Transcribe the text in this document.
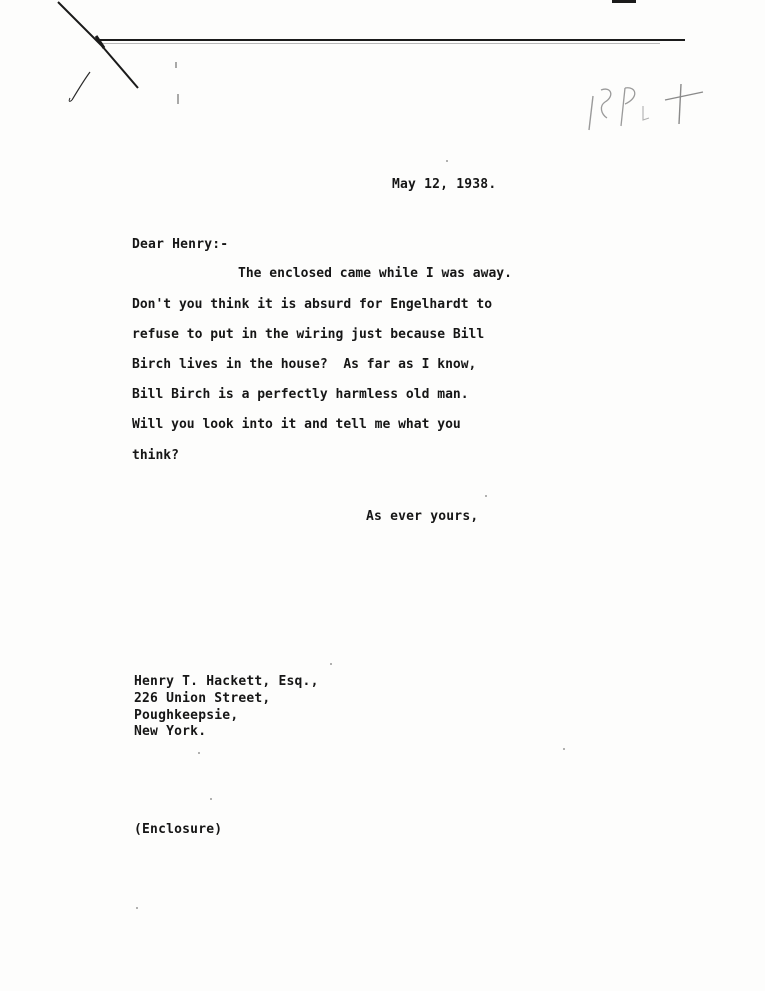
May 12, 1938.
Dear Henry:-
The enclosed came while I was away.
Don't you think it is absurd for Engelhardt to
refuse to put in the wiring just because Bill
Birch lives in the house?  As far as I know,
Bill Birch is a perfectly harmless old man.
Will you look into it and tell me what you
think?
As ever yours,
Henry T. Hackett, Esq.,
226 Union Street,
Poughkeepsie,
New York.
(Enclosure)
